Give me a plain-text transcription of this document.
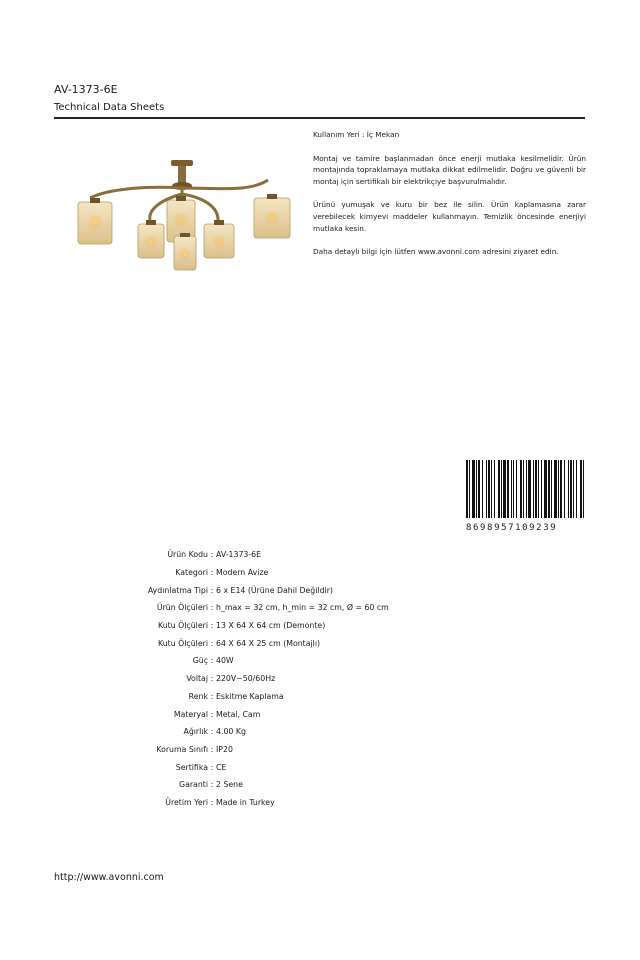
AV-1373-6E
Technical Data Sheets

Kullanım Yeri : İç Mekan

Montaj ve tamire başlanmadan önce enerji mutlaka kesilmelidir. Ürün montajında topraklamaya mutlaka dikkat edilmelidir. Doğru ve güvenli bir montaj için sertifikalı bir elektrikçiye başvurulmalıdır.

Ürünü yumuşak ve kuru bir bez ile silin. Ürün kaplamasına zarar verebilecek kimyevi maddeler kullanmayın. Temizlik öncesinde enerjiyi mutlaka kesin.

Daha detaylı bilgi için lütfen www.avonni.com adresini ziyaret edin.

8698957109239
Ürün Kodu : AV-1373-6E
Kategori : Modern Avize
Aydınlatma Tipi : 6 x E14 (Ürüne Dahil Değildir)
Ürün Ölçüleri : h_max = 32 cm, h_min = 32 cm, Ø = 60 cm
Kutu Ölçüleri : 13 X 64 X 64 cm (Demonte)
Kutu Ölçüleri : 64 X 64 X 25 cm (Montajlı)
Güç : 40W
Voltaj : 220V~50/60Hz
Renk : Eskitme Kaplama
Materyal : Metal, Cam
Ağırlık : 4.00 Kg
Koruma Sınıfı : IP20
Sertifika : CE
Garanti : 2 Sene
Üretim Yeri : Made in Turkey
http://www.avonni.com
